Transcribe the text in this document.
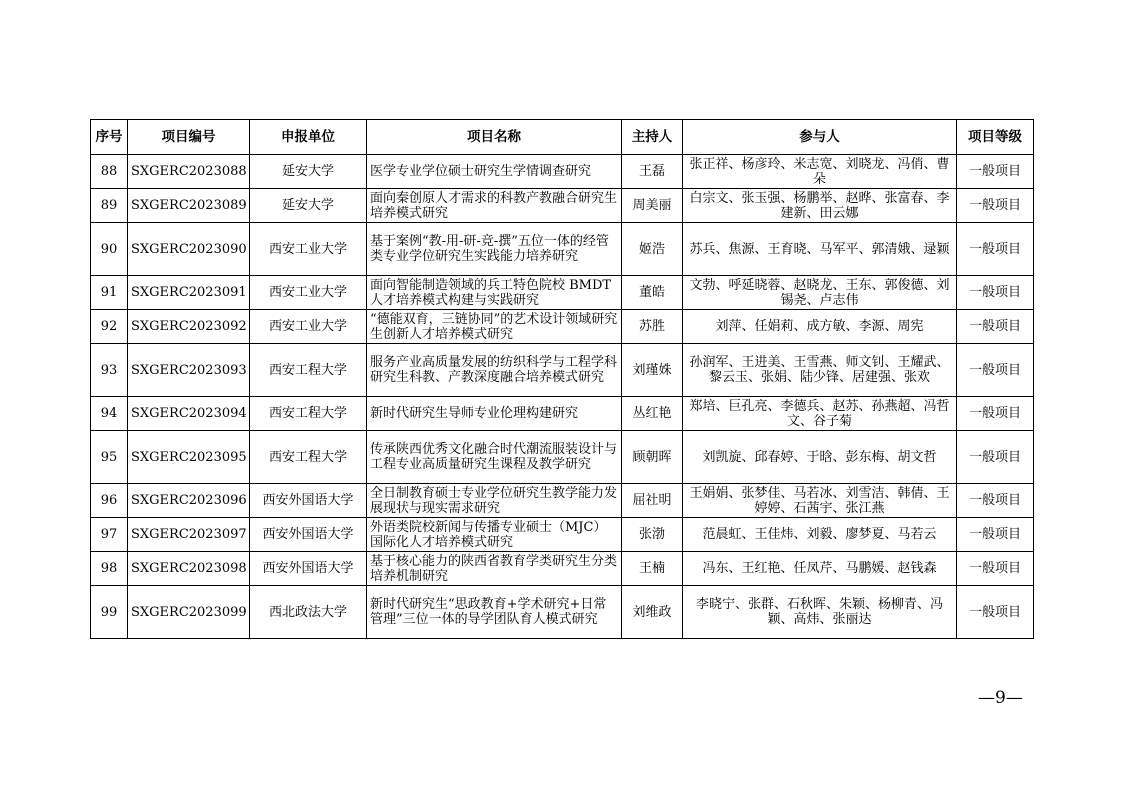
序号	项目编号	申报单位	项目名称	主持人	参与人	项目等级
88	SXGERC2023088	延安大学	医学专业学位硕士研究生学情调查研究	王磊	张正祥、杨彦玲、米志宽、刘晓龙、冯俏、曹朵	一般项目
89	SXGERC2023089	延安大学	面向秦创原人才需求的科教产教融合研究生培养模式研究	周美丽	白宗文、张玉强、杨鹏举、赵晔、张富春、李建新、田云娜	一般项目
90	SXGERC2023090	西安工业大学	基于案例“教-用-研-竞-撰”五位一体的经管类专业学位研究生实践能力培养研究	姬浩	苏兵、焦源、王育晓、马军平、郭清娥、逯颖	一般项目
91	SXGERC2023091	西安工业大学	面向智能制造领域的兵工特色院校 BMDT 人才培养模式构建与实践研究	董皓	文勃、呼延晓蓉、赵晓龙、王东、郭俊德、刘锡尧、卢志伟	一般项目
92	SXGERC2023092	西安工业大学	“德能双育，三链协同”的艺术设计领域研究生创新人才培养模式研究	苏胜	刘萍、任娟莉、成方敏、李源、周宪	一般项目
93	SXGERC2023093	西安工程大学	服务产业高质量发展的纺织科学与工程学科研究生科教、产教深度融合培养模式研究	刘瑾姝	孙润军、王进美、王雪燕、师文钊、王耀武、黎云玉、张娟、陆少锋、居建强、张欢	一般项目
94	SXGERC2023094	西安工程大学	新时代研究生导师专业伦理构建研究	丛红艳	郑培、巨孔亮、李德兵、赵苏、孙燕超、冯哲文、谷子菊	一般项目
95	SXGERC2023095	西安工程大学	传承陕西优秀文化融合时代潮流服装设计与工程专业高质量研究生课程及教学研究	顾朝晖	刘凯旋、邱春婷、于晗、彭东梅、胡文哲	一般项目
96	SXGERC2023096	西安外国语大学	全日制教育硕士专业学位研究生教学能力发展现状与现实需求研究	屈社明	王娟娟、张梦佳、马若冰、刘雪洁、韩倩、王婷婷、石茜宇、张江燕	一般项目
97	SXGERC2023097	西安外国语大学	外语类院校新闻与传播专业硕士（MJC）国际化人才培养模式研究	张渤	范晨虹、王佳炜、刘毅、廖梦夏、马若云	一般项目
98	SXGERC2023098	西安外国语大学	基于核心能力的陕西省教育学类研究生分类培养机制研究	王楠	冯东、王红艳、任凤芹、马鹏媛、赵钱森	一般项目
99	SXGERC2023099	西北政法大学	新时代研究生“思政教育+学术研究+日常管理”三位一体的导学团队育人模式研究	刘维政	李晓宁、张群、石秋晖、朱颖、杨柳青、冯颖、高炜、张丽达	一般项目
—9—
